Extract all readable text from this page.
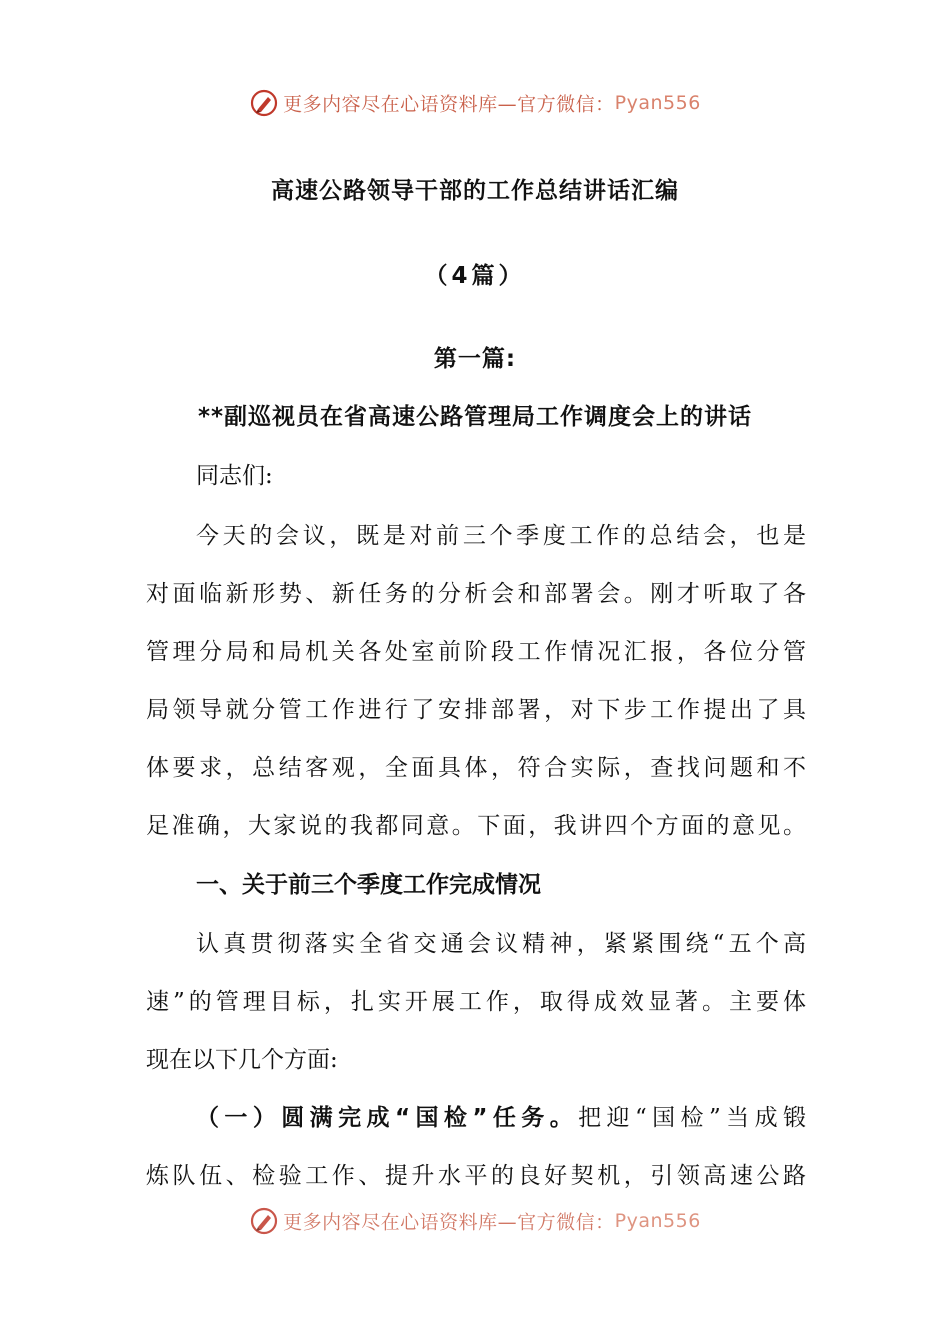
更多内容尽在心语资料库—官方微信：Pyan556
高速公路领导干部的工作总结讲话汇编
（4篇）
第一篇:
**副巡视员在省高速公路管理局工作调度会上的讲话
同志们:
今天的会议，既是对前三个季度工作的总结会，也是
对面临新形势、新任务的分析会和部署会。刚才听取了各
管理分局和局机关各处室前阶段工作情况汇报，各位分管
局领导就分管工作进行了安排部署，对下步工作提出了具
体要求，总结客观，全面具体，符合实际，查找问题和不
足准确，大家说的我都同意。下面，我讲四个方面的意见。
一、关于前三个季度工作完成情况
认真贯彻落实全省交通会议精神，紧紧围绕“五个高
速”的管理目标，扎实开展工作，取得成效显著。主要体
现在以下几个方面:
（一）圆满完成“国检”任务。把迎“国检”当成锻
炼队伍、检验工作、提升水平的良好契机，引领高速公路
更多内容尽在心语资料库—官方微信：Pyan556
